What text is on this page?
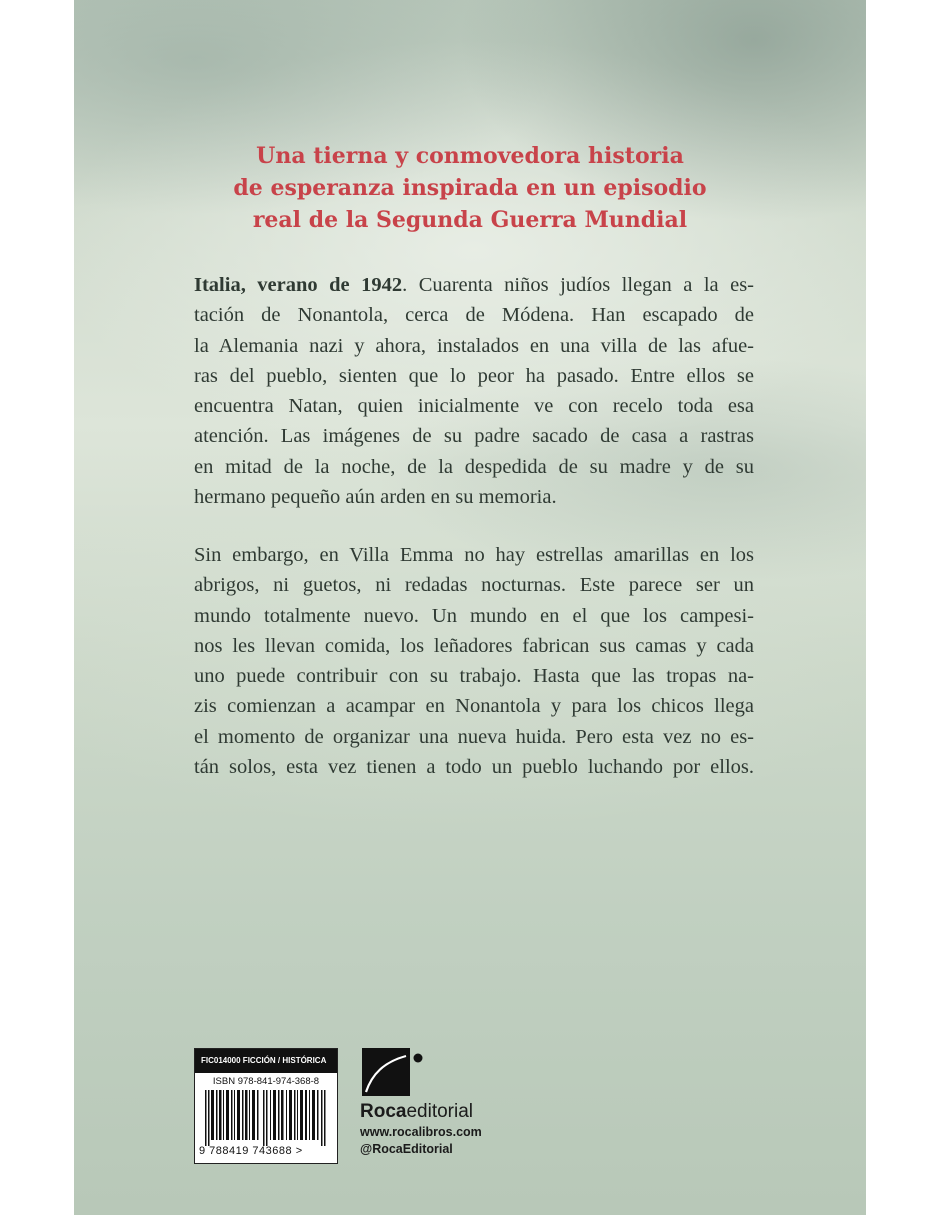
Una tierna y conmovedora historia
de esperanza inspirada en un episodio
real de la Segunda Guerra Mundial
Italia, verano de 1942. Cuarenta niños judíos llegan a la es-
tación de Nonantola, cerca de Módena. Han escapado de
la Alemania nazi y ahora, instalados en una villa de las afue-
ras del pueblo, sienten que lo peor ha pasado. Entre ellos se
encuentra Natan, quien inicialmente ve con recelo toda esa
atención. Las imágenes de su padre sacado de casa a rastras
en mitad de la noche, de la despedida de su madre y de su
hermano pequeño aún arden en su memoria.
Sin embargo, en Villa Emma no hay estrellas amarillas en los
abrigos, ni guetos, ni redadas nocturnas. Este parece ser un
mundo totalmente nuevo. Un mundo en el que los campesi-
nos les llevan comida, los leñadores fabrican sus camas y cada
uno puede contribuir con su trabajo. Hasta que las tropas na-
zis comienzan a acampar en Nonantola y para los chicos llega
el momento de organizar una nueva huida. Pero esta vez no es-
tán solos, esta vez tienen a todo un pueblo luchando por ellos.
FIC014000 FICCIÓN / HISTÓRICA
ISBN 978-841-974-368-8
9 788419 743688 >
Rocaeditorial
www.rocalibros.com
@RocaEditorial
